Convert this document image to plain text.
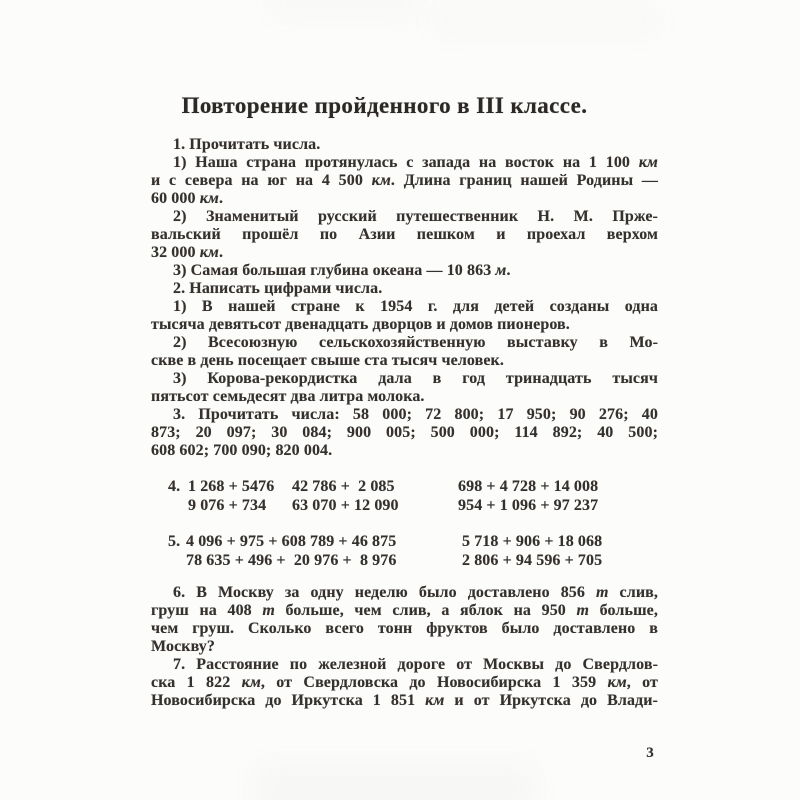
Повторение пройденного в III классе.
1. Прочитать числа.
1) Наша страна протянулась с запада на восток на 1 100 км
и с севера на юг на 4 500 км. Длина границ нашей Родины —
60 000 км.
2) Знаменитый русский путешественник Н. М. Прже-
вальский прошёл по Азии пешком и проехал верхом
32 000 км.
3) Самая большая глубина океана — 10 863 м.
2. Написать цифрами числа.
1) В нашей стране к 1954 г. для детей созданы одна
тысяча девятьсот двенадцать дворцов и домов пионеров.
2) Всесоюзную сельскохозяйственную выставку в Мо-
скве в день посещает свыше ста тысяч человек.
3) Корова-рекордистка дала в год тринадцать тысяч
пятьсот семьдесят два литра молока.
3. Прочитать числа: 58 000; 72 800; 17 950; 90 276; 40
873; 20 097; 30 084; 900 005; 500 000; 114 892; 40 500;
608 602; 700 090; 820 004.
4. 1 268 + 5476
9 076 + 734
42 786 +  2 085
63 070 + 12 090
698 + 4 728 + 14 008
954 + 1 096 + 97 237
5. 4 096 + 975 + 608 789 + 46 875
78 635 + 496 +  20 976 +  8 976
5 718 + 906 + 18 068
2 806 + 94 596 + 705
6. В Москву за одну неделю было доставлено 856 т слив,
груш на 408 т больше, чем слив, а яблок на 950 т больше,
чем груш. Сколько всего тонн фруктов было доставлено в
Москву?
7. Расстояние по железной дороге от Москвы до Свердлов-
ска 1 822 км, от Свердловска до Новосибирска 1 359 км, от
Новосибирска до Иркутска 1 851 км и от Иркутска до Влади-
3
